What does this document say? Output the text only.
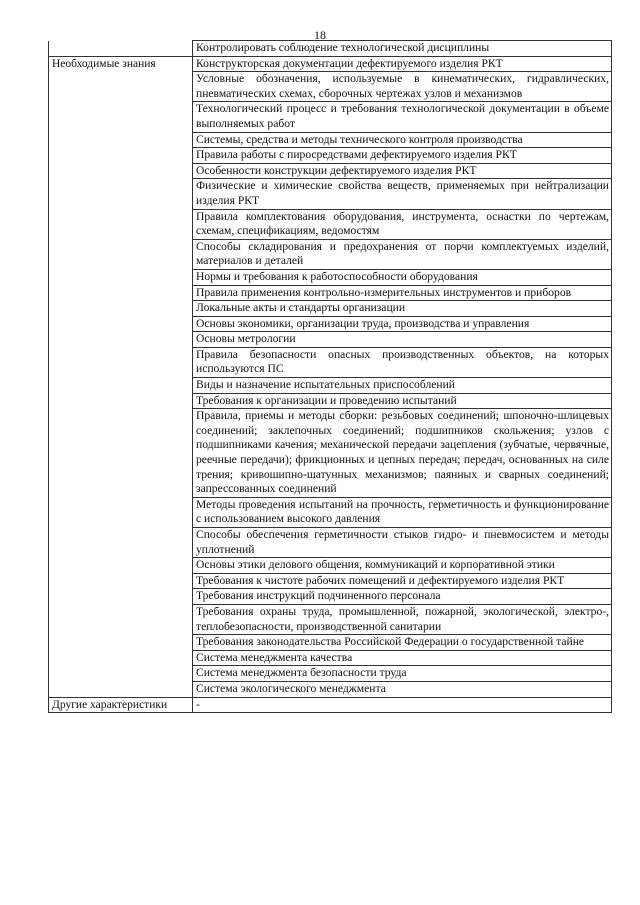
18
	Контролировать соблюдение технологической дисциплины
Необходимые знания	Конструкторская документации дефектируемого изделия РКТ
	Условные обозначения, используемые в кинематических, гидравлических, пневматических схемах, сборочных чертежах узлов и механизмов
	Технологический процесс и требования технологической документации в объеме выполняемых работ
	Системы, средства и методы технического контроля производства
	Правила работы с пиросредствами дефектируемого изделия РКТ
	Особенности конструкции дефектируемого изделия РКТ
	Физические и химические свойства веществ, применяемых при нейтрализации изделия РКТ
	Правила комплектования оборудования, инструмента, оснастки по чертежам, схемам, спецификациям, ведомостям
	Способы складирования и предохранения от порчи комплектуемых изделий, материалов и деталей
	Нормы и требования к работоспособности оборудования
	Правила применения контрольно-измерительных инструментов и приборов
	Локальные акты и стандарты организации
	Основы экономики, организации труда, производства и управления
	Основы метрологии
	Правила безопасности опасных производственных объектов, на которых используются ПС
	Виды и назначение испытательных приспособлений
	Требования к организации и проведению испытаний
	Правила, приемы и методы сборки: резьбовых соединений; шпоночно-шлицевых соединений; заклепочных соединений; подшипников скольжения; узлов с подшипниками качения; механической передачи зацепления (зубчатые, червячные, реечные передачи); фрикционных и цепных передач; передач, основанных на силе трения; кривошипно-шатунных механизмов; паянных и сварных соединений; запрессованных соединений
	Методы проведения испытаний на прочность, герметичность и функционирование с использованием высокого давления
	Способы обеспечения герметичности стыков гидро- и пневмосистем и методы уплотнений
	Основы этики делового общения, коммуникаций и корпоративной этики
	Требования к чистоте рабочих помещений и дефектируемого изделия РКТ
	Требования инструкций подчиненного персонала
	Требования охраны труда, промышленной, пожарной, экологической, электро-, теплобезопасности, производственной санитарии
	Требования законодательства Российской Федерации о государственной тайне
	Система менеджмента качества
	Система менеджмента безопасности труда
	Система экологического менеджмента
Другие характеристики	-
